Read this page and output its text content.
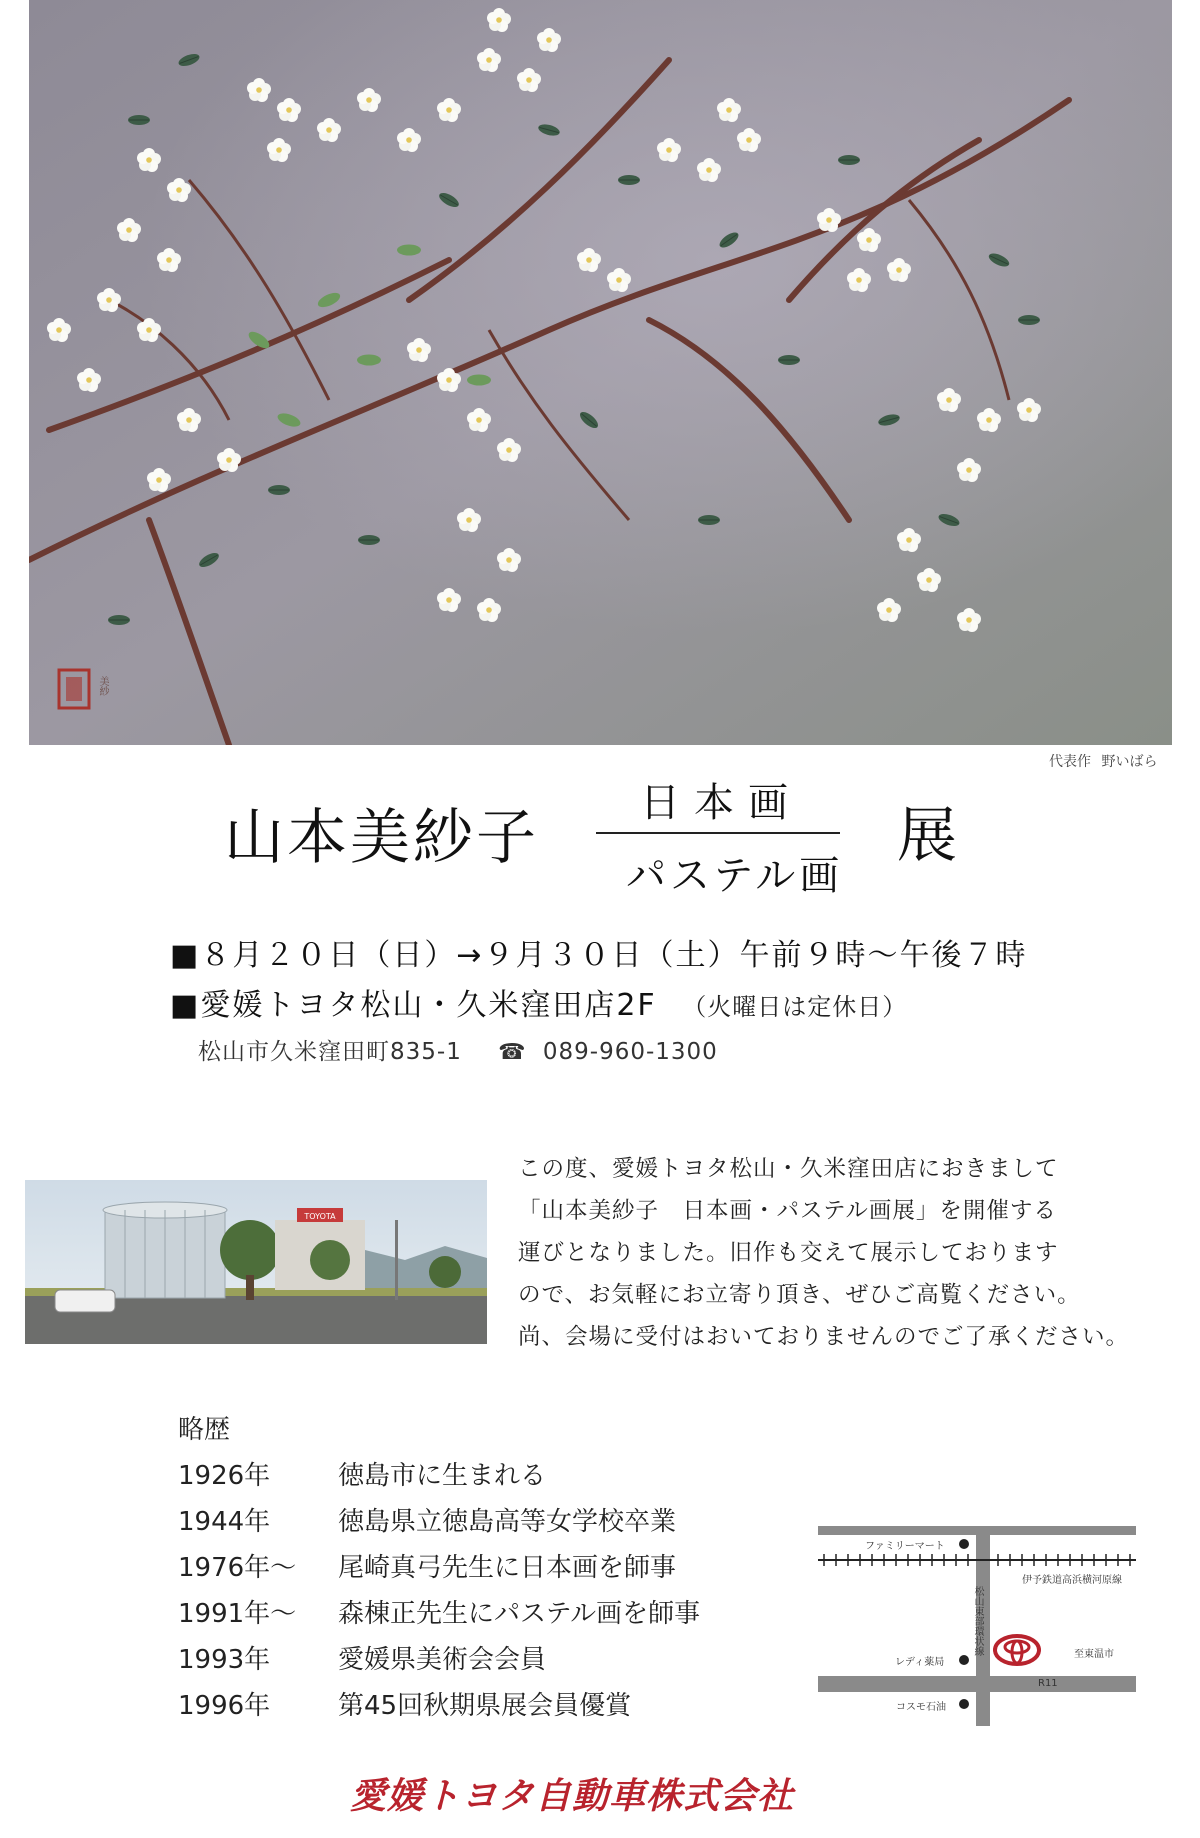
美紗
代表作 野いばら
山本美紗子	日本画
パステル画
展
■８月２０日（日）→９月３０日（土）午前９時～午後７時
■愛媛トヨタ松山・久米窪田店2F （火曜日は定休日）
松山市久米窪田町835-1 ☎ 089-960-1300
TOYOTA
この度、愛媛トヨタ松山・久米窪田店におきまして
「山本美紗子　日本画・パステル画展」を開催する
運びとなりました。旧作も交えて展示しております
ので、お気軽にお立寄り頂き、ぜひご高覧ください。
尚、会場に受付はおいておりませんのでご了承ください。
略歴
1926年	徳島市に生まれる
1944年	徳島県立徳島高等女学校卒業
1976年～ 尾崎真弓先生に日本画を師事
1991年～ 森棟正先生にパステル画を師事
1993年	愛媛県美術会会員
1996年	第45回秋期県展会員優賞
ファミリーマート
伊予鉄道高浜横河原線
松山東部環状線	至東温市
R11
レディ薬局
コスモ石油
愛媛トヨタ自動車株式会社
